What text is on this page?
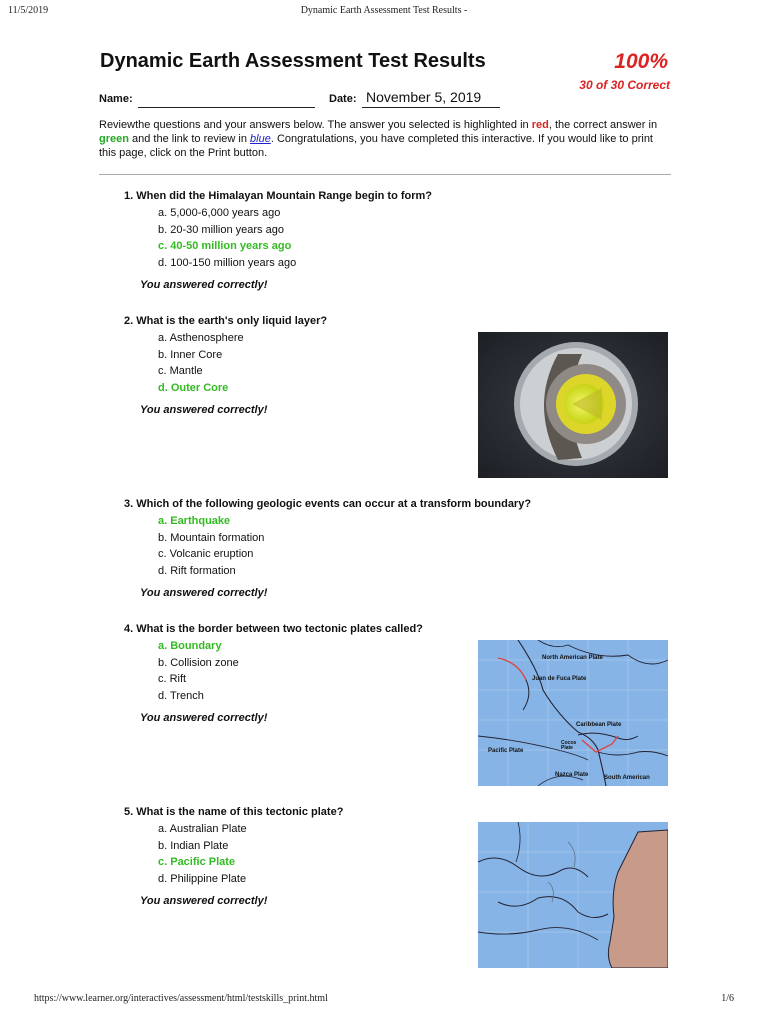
11/5/2019	Dynamic Earth Assessment Test Results -
Dynamic Earth Assessment Test Results	100%
30 of 30 Correct
Name:	Date: November 5, 2019
Reviewthe questions and your answers below. The answer you selected is highlighted in red, the correct answer in green and the link to review in blue. Congratulations, you have completed this interactive. If you would like to print this page, click on the Print button.
1. When did the Himalayan Mountain Range begin to form?
a. 5,000-6,000 years ago
b. 20-30 million years ago
c. 40-50 million years ago
d. 100-150 million years ago
You answered correctly!
2. What is the earth's only liquid layer?
a. Asthenosphere
b. Inner Core
c. Mantle
d. Outer Core
You answered correctly!
3. Which of the following geologic events can occur at a transform boundary?
a. Earthquake
b. Mountain formation
c. Volcanic eruption
d. Rift formation
You answered correctly!
4. What is the border between two tectonic plates called?
a. Boundary
b. Collision zone
c. Rift
d. Trench
You answered correctly!
North American Plate
Juan de Fuca Plate
Caribbean Plate
Cocos Plate
Pacific Plate
Nazca Plate	South American
5. What is the name of this tectonic plate?
a. Australian Plate
b. Indian Plate
c. Pacific Plate
d. Philippine Plate
You answered correctly!
https://www.learner.org/interactives/assessment/html/testskills_print.html	1/6
